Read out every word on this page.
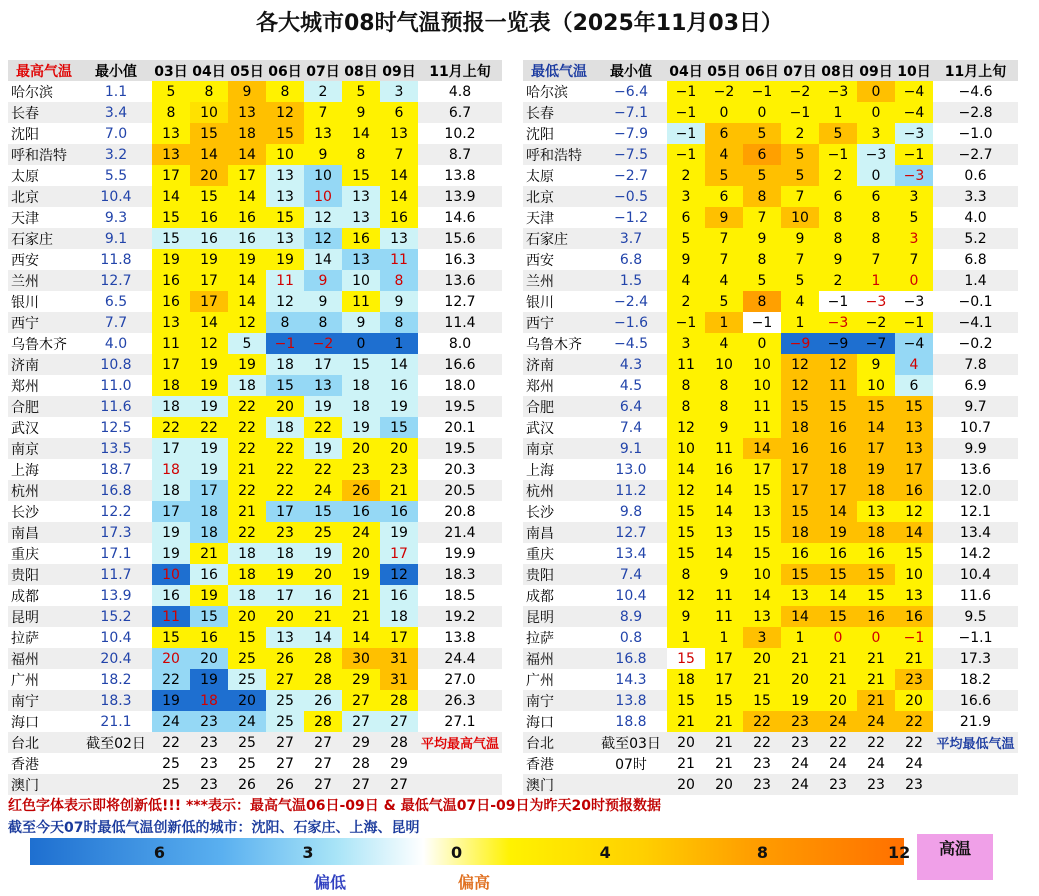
各大城市08时气温预报一览表（2025年11月03日）
最高气温	最小值	03日	04日	05日	06日	07日	08日	09日	11月上旬
哈尔滨	1.1	5	8	9	8	2	5	3	4.8
长春	3.4	8	10	13	12	7	9	6	6.7
沈阳	7.0	13	15	18	15	13	14	13	10.2
呼和浩特	3.2	13	14	14	10	9	8	7	8.7
太原	5.5	17	20	17	13	10	15	14	13.8
北京	10.4	14	15	14	13	10	13	14	13.9
天津	9.3	15	16	16	15	12	13	16	14.6
石家庄	9.1	15	16	16	13	12	16	13	15.6
西安	11.8	19	19	19	19	14	13	11	16.3
兰州	12.7	16	17	14	11	9	10	8	13.6
银川	6.5	16	17	14	12	9	11	9	12.7
西宁	7.7	13	14	12	8	8	9	8	11.4
乌鲁木齐	4.0	11	12	5	−1	−2	0	1	8.0
济南	10.8	17	19	19	18	17	15	14	16.6
郑州	11.0	18	19	18	15	13	18	16	18.0
合肥	11.6	18	19	22	20	19	18	19	19.5
武汉	12.5	22	22	22	18	22	19	15	20.1
南京	13.5	17	19	22	22	19	20	20	19.5
上海	18.7	18	19	21	22	22	23	23	20.3
杭州	16.8	18	17	22	22	24	26	21	20.5
长沙	12.2	17	18	21	17	15	16	16	20.8
南昌	17.3	19	18	22	23	25	24	19	21.4
重庆	17.1	19	21	18	18	19	20	17	19.9
贵阳	11.7	10	16	18	19	20	19	12	18.3
成都	13.9	16	19	18	17	16	21	16	18.5
昆明	15.2	11	15	20	20	21	21	18	19.2
拉萨	10.4	15	16	15	13	14	14	17	13.8
福州	20.4	20	20	25	26	28	30	31	24.4
广州	18.2	22	19	25	27	28	29	31	27.0
南宁	18.3	19	18	20	25	26	27	28	26.3
海口	21.1	24	23	24	25	28	27	27	27.1
台北	截至02日	22	23	25	27	27	29	28	平均最高气温
香港		25	23	25	27	27	28	29	
澳门		25	23	26	26	27	27	27	
最低气温	最小值	04日	05日	06日	07日	08日	09日	10日	11月上旬
哈尔滨	−6.4	−1	−2	−1	−2	−3	0	−4	−4.6
长春	−7.1	−1	0	0	−1	1	0	−4	−2.8
沈阳	−7.9	−1	6	5	2	5	3	−3	−1.0
呼和浩特	−7.5	−1	4	6	5	−1	−3	−1	−2.7
太原	−2.7	2	5	5	5	2	0	−3	0.6
北京	−0.5	3	6	8	7	6	6	3	3.3
天津	−1.2	6	9	7	10	8	8	5	4.0
石家庄	3.7	5	7	9	9	8	8	3	5.2
西安	6.8	9	7	8	7	9	7	7	6.8
兰州	1.5	4	4	5	5	2	1	0	1.4
银川	−2.4	2	5	8	4	−1	−3	−3	−0.1
西宁	−1.6	−1	1	−1	1	−3	−2	−1	−4.1
乌鲁木齐	−4.5	3	4	0	−9	−9	−7	−4	−0.2
济南	4.3	11	10	10	12	12	9	4	7.8
郑州	4.5	8	8	10	12	11	10	6	6.9
合肥	6.4	8	8	11	15	15	15	15	9.7
武汉	7.4	12	9	11	18	16	14	13	10.7
南京	9.1	10	11	14	16	16	17	13	9.9
上海	13.0	14	16	17	17	18	19	17	13.6
杭州	11.2	12	14	15	17	17	18	16	12.0
长沙	9.8	15	14	13	15	14	13	12	12.1
南昌	12.7	15	13	15	18	19	18	14	13.4
重庆	13.4	15	14	15	16	16	16	15	14.2
贵阳	7.4	8	9	10	15	15	15	10	10.4
成都	10.4	12	11	14	13	14	15	13	11.6
昆明	8.9	9	11	13	14	15	16	16	9.5
拉萨	0.8	1	1	3	1	0	0	−1	−1.1
福州	16.8	15	17	20	21	21	21	21	17.3
广州	14.3	18	17	21	20	21	21	23	18.2
南宁	13.8	15	15	15	19	20	21	20	16.6
海口	18.8	21	21	22	23	24	24	22	21.9
台北	截至03日	20	21	22	23	22	22	22	平均最低气温
香港	07时	21	21	23	24	24	24	24	
澳门		20	20	23	24	23	23	23	
红色字体表示即将创新低!!! ***表示：最高气温06日-09日 & 最低气温07日-09日为昨天20时预报数据
截至今天07时最低气温创新低的城市：沈阳、石家庄、上海、昆明
6	3	0	4	8	12	高温
偏低	偏高
